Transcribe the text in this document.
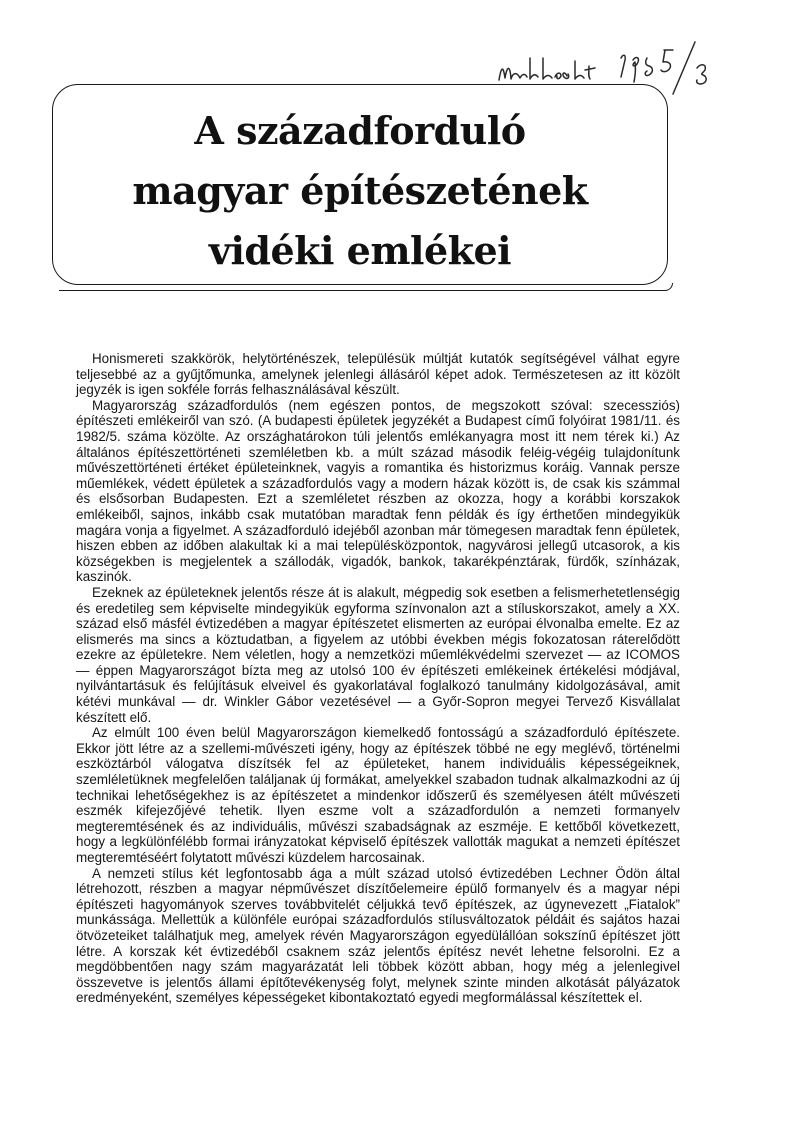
A századforduló
magyar építészetének
vidéki emlékei

Honismereti szakkörök, helytörténészek, településük múltját kutatók segítségével válhat egyre teljesebbé az a gyűjtőmunka, amelynek jelenlegi állásáról képet adok. Természetesen az itt közölt jegyzék is igen sokféle forrás felhasználásával készült.

Magyarország századfordulós (nem egészen pontos, de megszokott szóval: szecessziós) építészeti emlékeiről van szó. (A budapesti épületek jegyzékét a Budapest című folyóirat 1981/11. és 1982/5. száma közölte. Az országhatárokon túli jelentős emlékanyagra most itt nem térek ki.) Az általános építészettörténeti szemléletben kb. a múlt század második feléig-végéig tulajdonítunk művészettörténeti értéket épületeinknek, vagyis a romantika és historizmus koráig. Vannak persze műemlékek, védett épületek a századfordulós vagy a modern házak között is, de csak kis számmal és elsősorban Budapesten. Ezt a szemléletet részben az okozza, hogy a korábbi korszakok emlékeiből, sajnos, inkább csak mutatóban maradtak fenn példák és így érthetően mindegyikük magára vonja a figyelmet. A századforduló idejéből azonban már tömegesen maradtak fenn épületek, hiszen ebben az időben alakultak ki a mai településközpontok, nagyvárosi jellegű utcasorok, a kis községekben is megjelentek a szállodák, vigadók, bankok, takarékpénztárak, fürdők, színházak, kaszinók.

Ezeknek az épületeknek jelentős része át is alakult, mégpedig sok esetben a felismerhetetlenségig és eredetileg sem képviselte mindegyikük egyforma színvonalon azt a stíluskorszakot, amely a XX. század első másfél évtizedében a magyar építészetet elismerten az európai élvonalba emelte. Ez az elismerés ma sincs a köztudatban, a figyelem az utóbbi években mégis fokozatosan ráterelődött ezekre az épületekre. Nem véletlen, hogy a nemzetközi műemlékvédelmi szervezet — az ICOMOS — éppen Magyarországot bízta meg az utolsó 100 év építészeti emlékeinek értékelési módjával, nyilvántartásuk és felújításuk elveivel és gyakorlatával foglalkozó tanulmány kidolgozásával, amit kétévi munkával — dr. Winkler Gábor vezetésével — a Győr-Sopron megyei Tervező Kisvállalat készített elő.

Az elmúlt 100 éven belül Magyarországon kiemelkedő fontosságú a századforduló építészete. Ekkor jött létre az a szellemi-művészeti igény, hogy az építészek többé ne egy meglévő, történelmi eszköztárból válogatva díszítsék fel az épületeket, hanem individuális képességeiknek, szemléletüknek megfelelően találjanak új formákat, amelyekkel szabadon tudnak alkalmazkodni az új technikai lehetőségekhez is az építészetet a mindenkor időszerű és személyesen átélt művészeti eszmék kifejezőjévé tehetik. Ilyen eszme volt a századfordulón a nemzeti formanyelv megteremtésének és az individuális, művészi szabadságnak az eszméje. E kettőből következett, hogy a legkülönfélébb formai irányzatokat képviselő építészek vallották magukat a nemzeti építészet megteremtéséért folytatott művészi küzdelem harcosainak.

A nemzeti stílus két legfontosabb ága a múlt század utolsó évtizedében Lechner Ödön által létrehozott, részben a magyar népművészet díszítőelemeire épülő formanyelv és a magyar népi építészeti hagyományok szerves továbbvitelét céljukká tevő építészek, az úgynevezett „Fiatalok” munkássága. Mellettük a különféle európai századfordulós stílusváltozatok példáit és sajátos hazai ötvözeteiket találhatjuk meg, amelyek révén Magyarországon egyedülállóan sokszínű építészet jött létre. A korszak két évtizedéből csaknem száz jelentős építész nevét lehetne felsorolni. Ez a megdöbbentően nagy szám magyarázatát leli többek között abban, hogy még a jelenlegivel összevetve is jelentős állami építőtevékenység folyt, melynek szinte minden alkotását pályázatok eredményeként, személyes képességeket kibontakoztató egyedi megformálással készítettek el.
